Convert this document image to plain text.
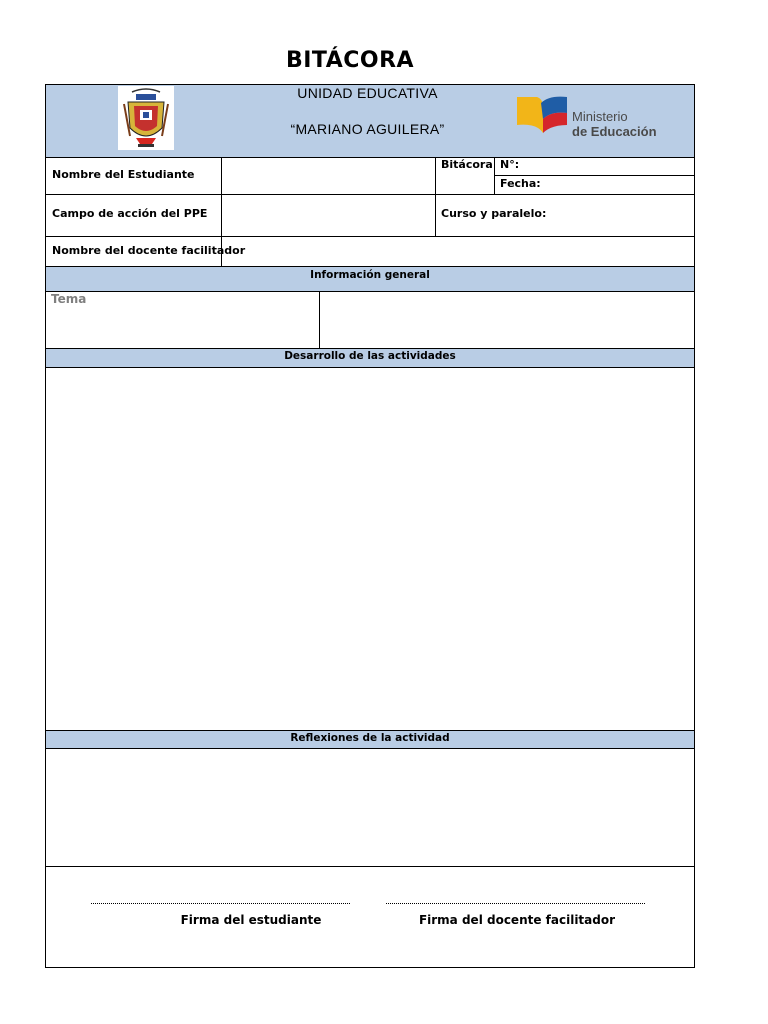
BITÁCORA
UNIDAD EDUCATIVA
“MARIANO AGUILERA”
Ministerio
de Educación
Nombre del Estudiante
Bitácora N°:
Fecha:
Campo de acción del PPE	Curso y paralelo:
Nombre del docente facilitador
Información general
Tema
Desarrollo de las actividades
Reflexiones de la actividad
Firma del estudiante	Firma del docente facilitador
